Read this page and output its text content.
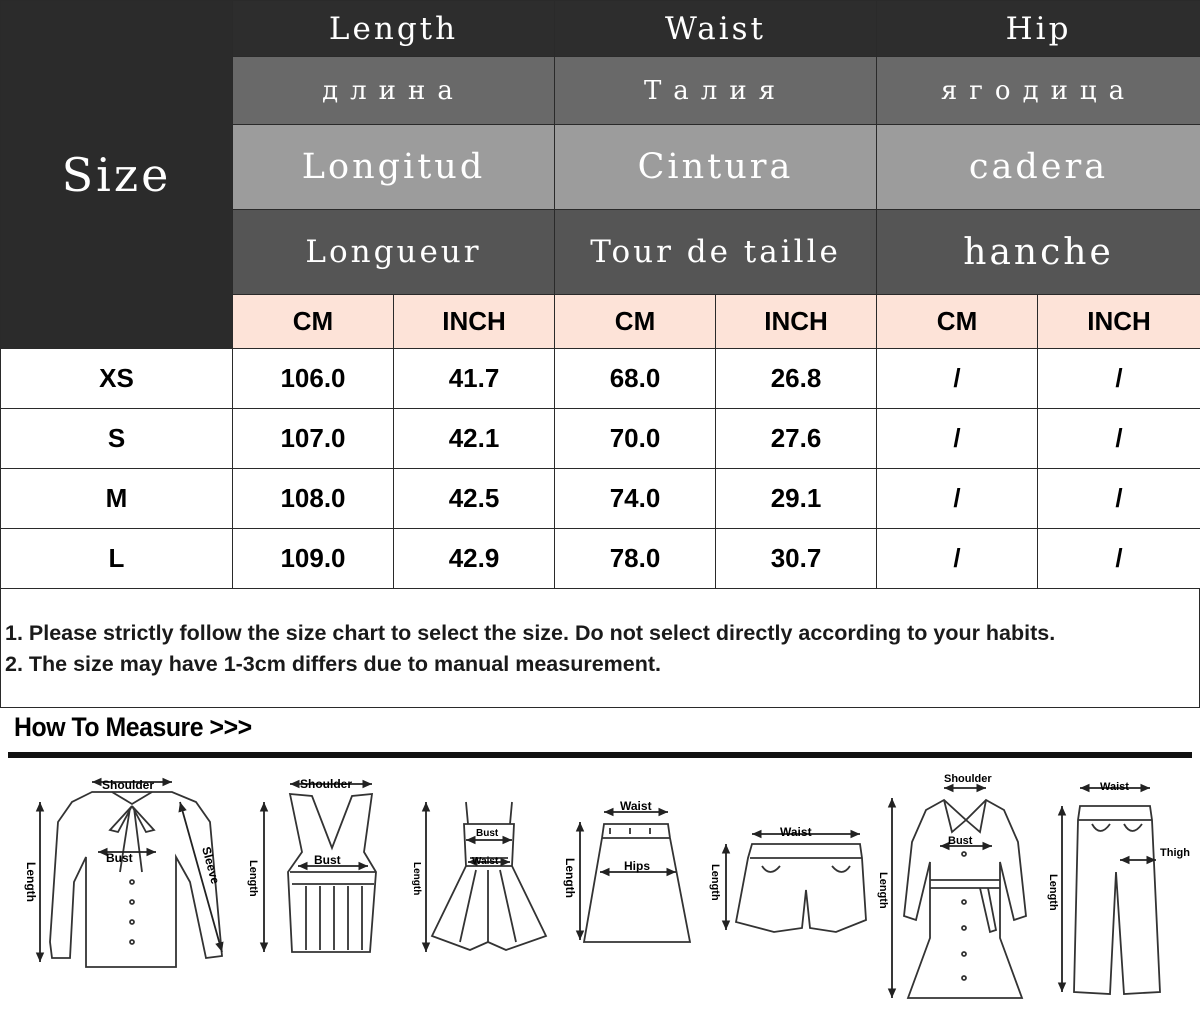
Size	Length		Waist		Hip	
	длина		Талия		ягодица	
	Longitud		Cintura		cadera	
	Longueur		Tour de taille		hanche	
	CM	INCH	CM	INCH	CM	INCH
XS	106.0	41.7	68.0	26.8	/	/
S	107.0	42.1	70.0	27.6	/	/
M	108.0	42.5	74.0	29.1	/	/
L	109.0	42.9	78.0	30.7	/	/
1. Please strictly follow the size chart to select the size. Do not select directly according to your habits.
2. The size may have 1-3cm differs due to manual measurement.
How To Measure >>>
Shoulder
Bust
Length	Sleeve
Shoulder
Bust
Length
Bust
Waist
Length
Waist
Hips
Length
Waist
Length
Shoulder
Bust
Length
Waist
Thigh
Length
